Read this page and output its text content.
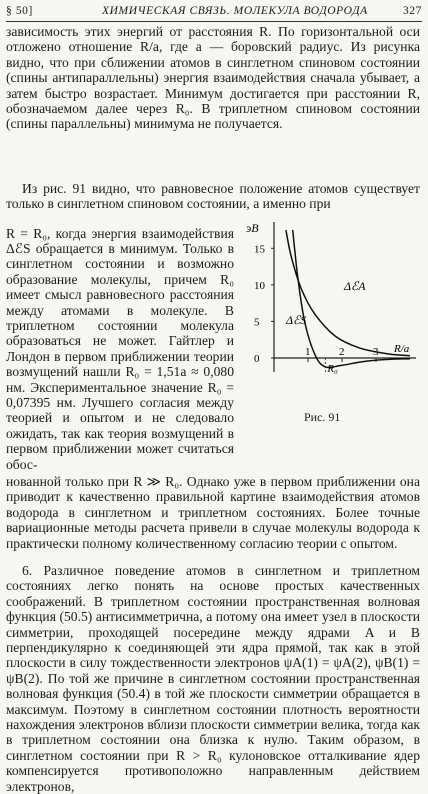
§ 50]	ХИМИЧЕСКАЯ СВЯЗЬ. МОЛЕКУЛА ВОДОРОДА	327

зависимость этих энергий от расстояния R. По горизонтальной оси отложено отношение R/a, где a — боровский радиус. Из рисунка видно, что при сближении атомов в синглетном спиновом состоянии (спины антипараллельны) энергия взаимодействия сначала убывает, а затем быстро возрастает. Минимум достигается при расстоянии R, обозначаемом далее через R₀. В триплетном спиновом состоянии (спины параллельны) минимума не получается.

Из рис. 91 видно, что равновесное положение атомов существует только в синглетном спиновом состоянии, а именно при

R = R₀, когда энергия взаимодействия ΔℰS обращается в минимум. Только в синглетном состоянии и возможно образование молекулы, причем R₀ имеет смысл равновесного расстояния между атомами в молекуле. В триплетном состоянии молекула образоваться не может. Гайтлер и Лондон в первом приближении теории возмущений нашли R₀ = 1,51a ≈ 0,080 нм. Экспериментальное значение R₀ = 0,07395 нм. Лучшего согласия между теорией и опытом и не следовало ожидать, так как теория возмущений в первом приближении может считаться обос-

15
10
5
0
1	2	3
эВ
R/a
R₀
ΔℰA
ΔℰS
Рис. 91

нованной только при R ≫ R₀. Однако уже в первом приближении она приводит к качественно правильной картине взаимодействия атомов водорода в синглетном и триплетном состояниях. Более точные вариационные методы расчета привели в случае молекулы водорода к практически полному количественному согласию теории с опытом.

6. Различное поведение атомов в синглетном и триплетном состояниях легко понять на основе простых качественных соображений. В триплетном состоянии пространственная волновая функция (50.5) антисимметрична, а потому она имеет узел в плоскости симметрии, проходящей посередине между ядрами A и B перпендикулярно к соединяющей эти ядра прямой, так как в этой плоскости в силу тождественности электронов ψA(1) = ψA(2), ψB(1) = ψB(2). По той же причине в синглетном состоянии пространственная волновая функция (50.4) в той же плоскости симметрии обращается в максимум. Поэтому в синглетном состоянии плотность вероятности нахождения электронов вблизи плоскости симметрии велика, тогда как в триплетном состоянии она близка к нулю. Таким образом, в синглетном состоянии при R > R₀ кулоновское отталкивание ядер компенсируется противоположно направленным действием электронов,
